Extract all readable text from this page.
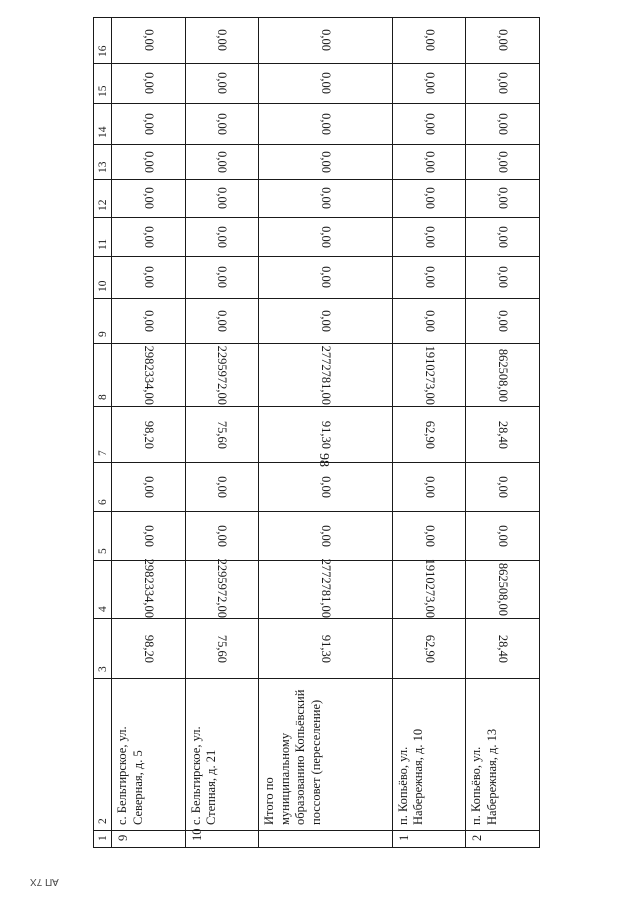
98
АП 7Х
1	2	3	4	5	6	7	8	9	10	11	12	13	14	15	16
9	с. Бельтирское, ул. Северная, д. 5	98,20	2982334,00	0,00	0,00	98,20	2982334,00	0,00	0,00	0,00	0,00	0,00	0,00	0,00	0,00
10	с. Бельтирское, ул. Степная, д. 21	75,60	2295972,00	0,00	0,00	75,60	2295972,00	0,00	0,00	0,00	0,00	0,00	0,00	0,00	0,00
	Итого по муниципальному образованию Копьёвский поссовет (переселение)	91,30	2772781,00	0,00	0,00	91,30	2772781,00	0,00	0,00	0,00	0,00	0,00	0,00	0,00	0,00
1	п. Копьёво, ул. Набережная, д. 10	62,90	1910273,00	0,00	0,00	62,90	1910273,00	0,00	0,00	0,00	0,00	0,00	0,00	0,00	0,00
2	п. Копьёво, ул. Набережная, д. 13	28,40	862508,00	0,00	0,00	28,40	862508,00	0,00	0,00	0,00	0,00	0,00	0,00	0,00	0,00
